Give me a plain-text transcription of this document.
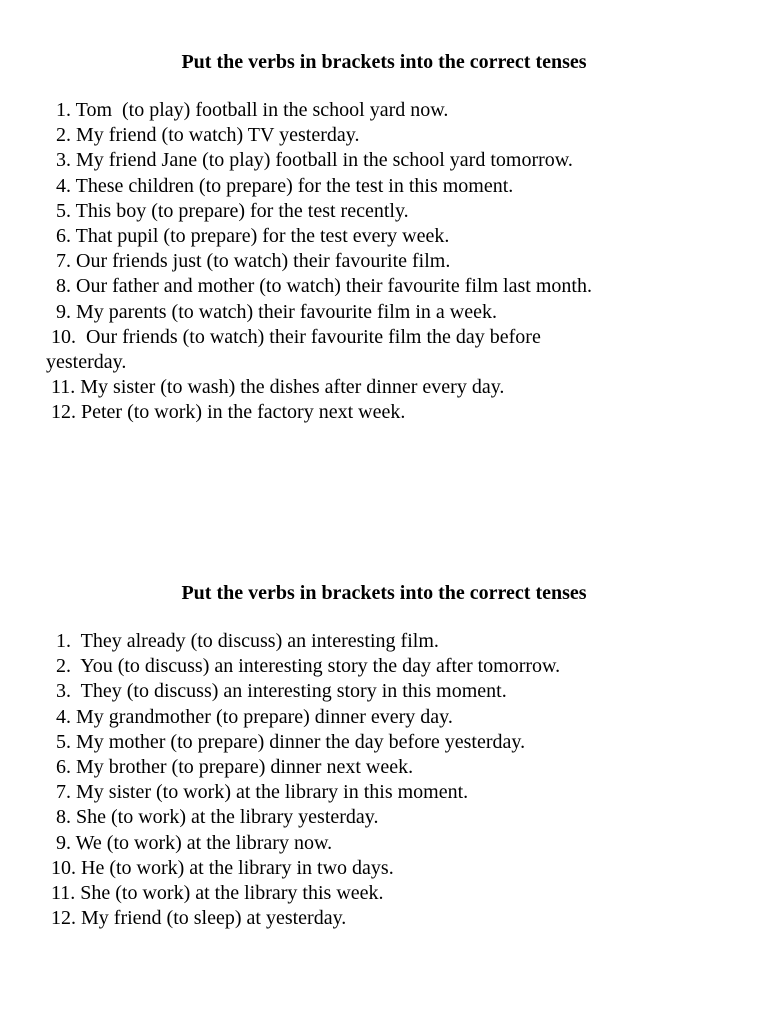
Put the verbs in brackets into the correct tenses
1. Tom  (to play) football in the school yard now.
2. My friend (to watch) TV yesterday.
3. My friend Jane (to play) football in the school yard tomorrow.
4. These children (to prepare) for the test in this moment.
5. This boy (to prepare) for the test recently.
6. That pupil (to prepare) for the test every week.
7. Our friends just (to watch) their favourite film.
8. Our father and mother (to watch) their favourite film last month.
9. My parents (to watch) their favourite film in a week.
10.  Our friends (to watch) their favourite film the day before
yesterday.
11. My sister (to wash) the dishes after dinner every day.
12. Peter (to work) in the factory next week.
Put the verbs in brackets into the correct tenses
1.  They already (to discuss) an interesting film.
2.  You (to discuss) an interesting story the day after tomorrow.
3.  They (to discuss) an interesting story in this moment.
4. My grandmother (to prepare) dinner every day.
5. My mother (to prepare) dinner the day before yesterday.
6. My brother (to prepare) dinner next week.
7. My sister (to work) at the library in this moment.
8. She (to work) at the library yesterday.
9. We (to work) at the library now.
10. He (to work) at the library in two days.
11. She (to work) at the library this week.
12. My friend (to sleep) at yesterday.
